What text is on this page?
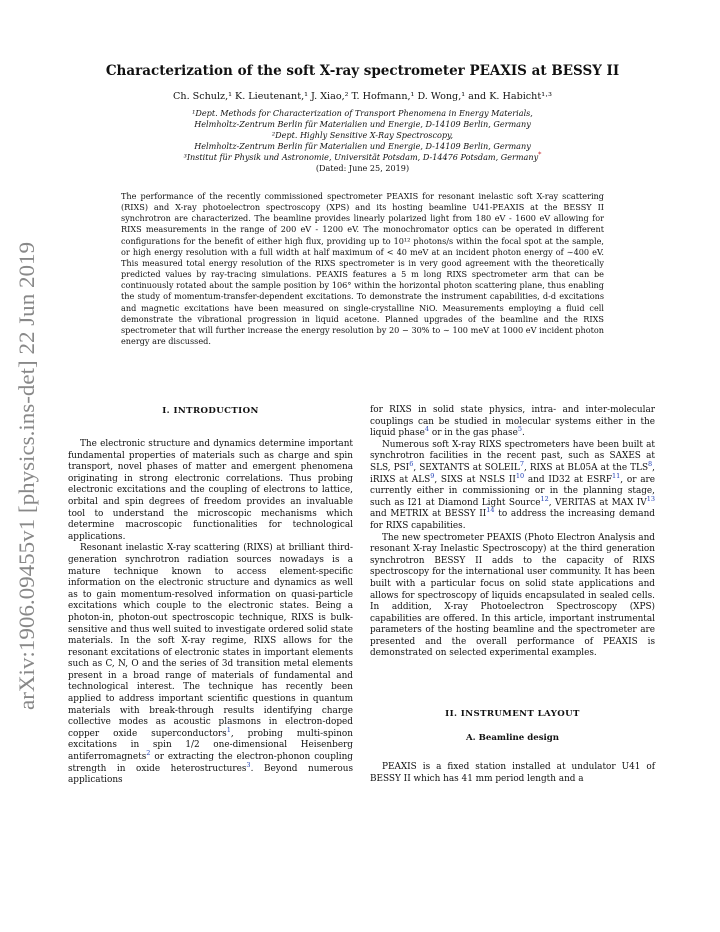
arXiv:1906.09455v1 [physics.ins-det] 22 Jun 2019
Characterization of the soft X-ray spectrometer PEAXIS at BESSY II
Ch. Schulz,¹ K. Lieutenant,¹ J. Xiao,² T. Hofmann,¹ D. Wong,¹ and K. Habicht¹·³
¹Dept. Methods for Characterization of Transport Phenomena in Energy Materials,
Helmholtz-Zentrum Berlin für Materialien und Energie, D-14109 Berlin, Germany
²Dept. Highly Sensitive X-Ray Spectroscopy,
Helmholtz-Zentrum Berlin für Materialien und Energie, D-14109 Berlin, Germany
³Institut für Physik und Astronomie, Universität Potsdam, D-14476 Potsdam, Germany*
(Dated: June 25, 2019)
The performance of the recently commissioned spectrometer PEAXIS for resonant inelastic soft X-ray scattering (RIXS) and X-ray photoelectron spectroscopy (XPS) and its hosting beamline U41-PEAXIS at the BESSY II synchrotron are characterized. The beamline provides linearly polarized light from 180 eV - 1600 eV allowing for RIXS measurements in the range of 200 eV - 1200 eV. The monochromator optics can be operated in different configurations for the benefit of either high flux, providing up to 10¹² photons/s within the focal spot at the sample, or high energy resolution with a full width at half maximum of < 40 meV at an incident photon energy of ∼400 eV. This measured total energy resolution of the RIXS spectrometer is in very good agreement with the theoretically predicted values by ray-tracing simulations. PEAXIS features a 5 m long RIXS spectrometer arm that can be continuously rotated about the sample position by 106° within the horizontal photon scattering plane, thus enabling the study of momentum-transfer-dependent excitations. To demonstrate the instrument capabilities, d-d excitations and magnetic excitations have been measured on single-crystalline NiO. Measurements employing a fluid cell demonstrate the vibrational progression in liquid acetone. Planned upgrades of the beamline and the RIXS spectrometer that will further increase the energy resolution by 20 − 30% to ∼ 100 meV at 1000 eV incident photon energy are discussed.
I. INTRODUCTION

The electronic structure and dynamics determine important fundamental properties of materials such as charge and spin transport, novel phases of matter and emergent phenomena originating in strong electronic correlations. Thus probing electronic excitations and the coupling of electrons to lattice, orbital and spin degrees of freedom provides an invaluable tool to understand the microscopic mechanisms which determine macroscopic functionalities for technological applications.

Resonant inelastic X-ray scattering (RIXS) at brilliant third-generation synchrotron radiation sources nowadays is a mature technique known to access element-specific information on the electronic structure and dynamics as well as to gain momentum-resolved information on quasi-particle excitations which couple to the electronic states. Being a photon-in, photon-out spectroscopic technique, RIXS is bulk-sensitive and thus well suited to investigate ordered solid state materials. In the soft X-ray regime, RIXS allows for the resonant excitations of electronic states in important elements such as C, N, O and the series of 3d transition metal elements present in a broad range of materials of fundamental and technological interest. The technique has recently been applied to address important scientific questions in quantum materials with break-through results identifying charge collective modes as acoustic plasmons in electron-doped copper oxide superconductors$^1$, probing multi-spinon excitations in spin 1/2 one-dimensional Heisenberg antiferromagnets$^2$ or extracting the electron-phonon coupling strength in oxide heterostructures$^3$. Beyond numerous applications

for RIXS in solid state physics, intra- and inter-molecular couplings can be studied in molecular systems either in the liquid phase$^4$ or in the gas phase$^5$.

Numerous soft X-ray RIXS spectrometers have been built at synchrotron facilities in the recent past, such as SAXES at SLS, PSI$^6$, SEXTANTS at SOLEIL$^7$, RIXS at BL05A at the TLS$^8$, iRIXS at ALS$^9$, SIXS at NSLS II$^{10}$ and ID32 at ESRF$^{11}$, or are currently either in commissioning or in the planning stage, such as I21 at Diamond Light Source$^{12}$, VERITAS at MAX IV$^{13}$ and METRIX at BESSY II$^{14}$ to address the increasing demand for RIXS capabilities.

The new spectrometer PEAXIS (Photo Electron Analysis and resonant X-ray Inelastic Spectroscopy) at the third generation synchrotron BESSY II adds to the capacity of RIXS spectroscopy for the international user community. It has been built with a particular focus on solid state applications and allows for spectroscopy of liquids encapsulated in sealed cells. In addition, X-ray Photoelectron Spectroscopy (XPS) capabilities are offered. In this article, important instrumental parameters of the hosting beamline and the spectrometer are presented and the overall performance of PEAXIS is demonstrated on selected experimental examples.

II. INSTRUMENT LAYOUT
A. Beamline design

PEAXIS is a fixed station installed at undulator U41 of BESSY II which has 41 mm period length and a
